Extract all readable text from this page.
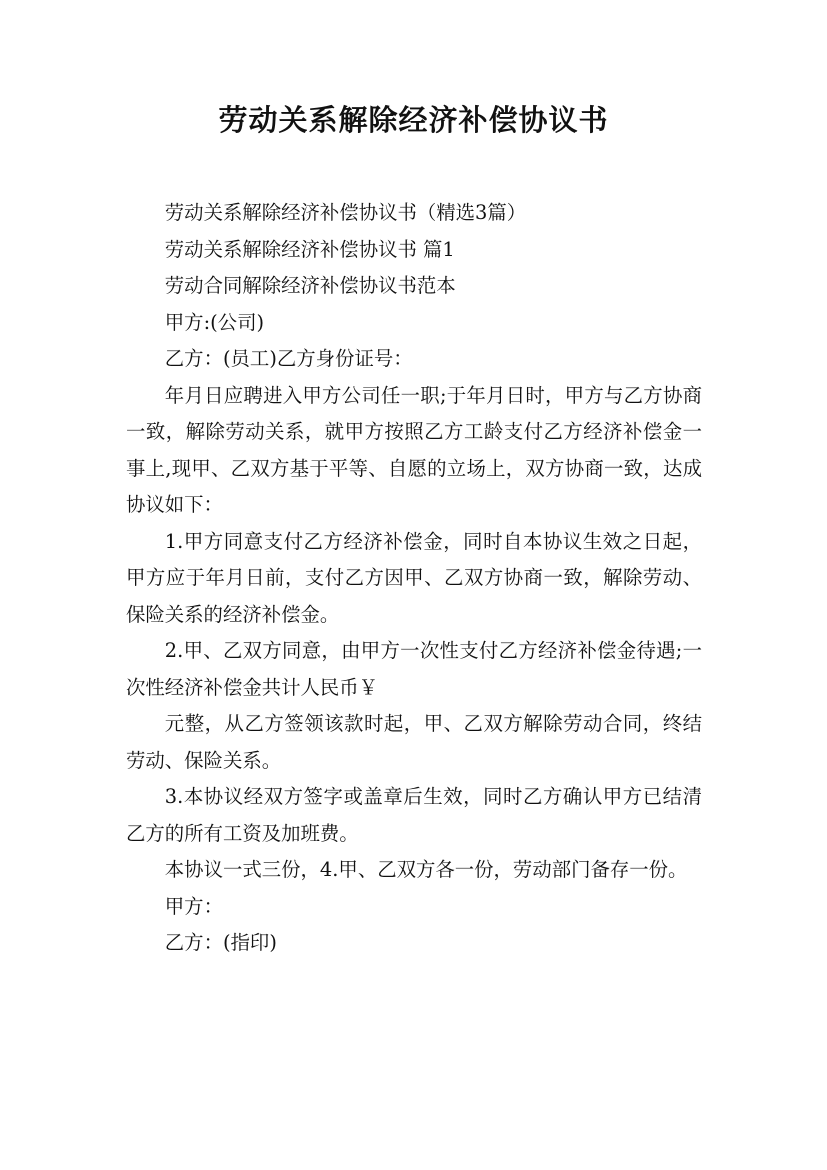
劳动关系解除经济补偿协议书

劳动关系解除经济补偿协议书（精选3篇）

劳动关系解除经济补偿协议书 篇1

劳动合同解除经济补偿协议书范本

甲方:(公司)

乙方：(员工)乙方身份证号：

年月日应聘进入甲方公司任一职;于年月日时，甲方与乙方协商一致，解除劳动关系，就甲方按照乙方工龄支付乙方经济补偿金一事上,现甲、乙双方基于平等、自愿的立场上，双方协商一致，达成协议如下：

1.甲方同意支付乙方经济补偿金，同时自本协议生效之日起，甲方应于年月日前，支付乙方因甲、乙双方协商一致，解除劳动、保险关系的经济补偿金。

2.甲、乙双方同意，由甲方一次性支付乙方经济补偿金待遇;一次性经济补偿金共计人民币￥

元整，从乙方签领该款时起，甲、乙双方解除劳动合同，终结劳动、保险关系。

3.本协议经双方签字或盖章后生效，同时乙方确认甲方已结清乙方的所有工资及加班费。

本协议一式三份，4.甲、乙双方各一份，劳动部门备存一份。

甲方：

乙方：(指印)
